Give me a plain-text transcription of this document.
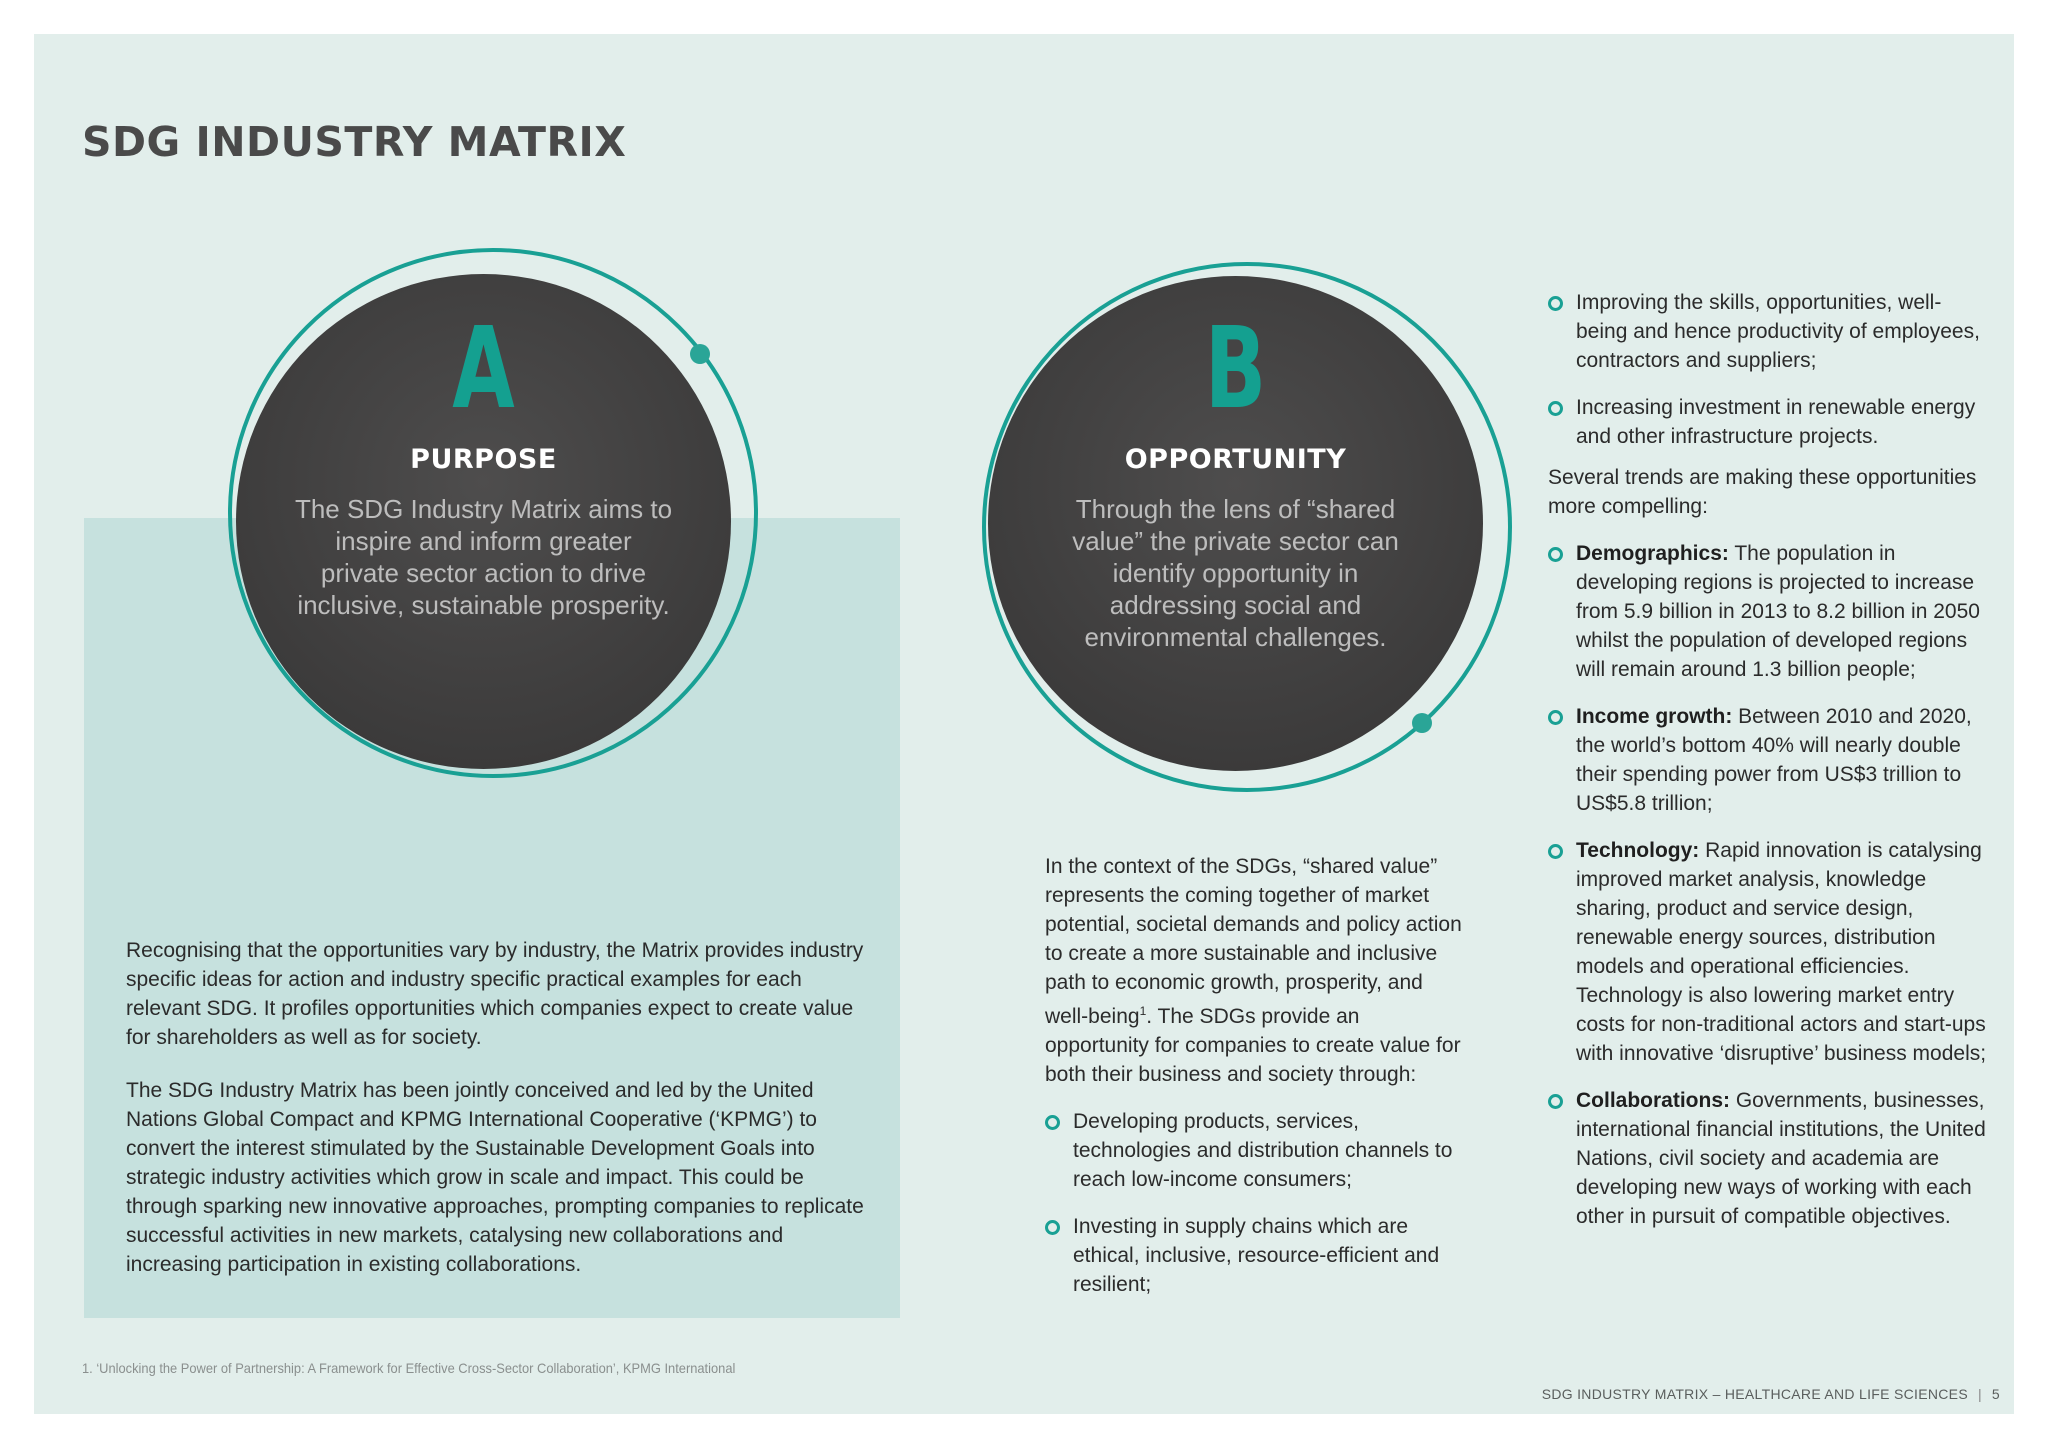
SDG INDUSTRY MATRIX
A
PURPOSE
The SDG Industry Matrix aims to inspire and inform greater private sector action to drive inclusive, sustainable prosperity.
B
OPPORTUNITY
Through the lens of “shared value” the private sector can identify opportunity in addressing social and environmental challenges.

Recognising that the opportunities vary by industry, the Matrix provides industry specific ideas for action and industry specific practical examples for each relevant SDG. It profiles opportunities which companies expect to create value for shareholders as well as for society.

The SDG Industry Matrix has been jointly conceived and led by the United Nations Global Compact and KPMG International Cooperative (‘KPMG’) to convert the interest stimulated by the Sustainable Development Goals into strategic industry activities which grow in scale and impact. This could be through sparking new innovative approaches, prompting companies to replicate successful activities in new markets, catalysing new collaborations and increasing participation in existing collaborations.

In the context of the SDGs, “shared value” represents the coming together of market potential, societal demands and policy action to create a more sustainable and inclusive path to economic growth, prosperity, and well-being$^1$. The SDGs provide an opportunity for companies to create value for both their business and society through:

Developing products, services, technologies and distribution channels to reach low-income consumers;
Investing in supply chains which are ethical, inclusive, resource-efficient and resilient;
Improving the skills, opportunities, well-being and hence productivity of employees, contractors and suppliers;
Increasing investment in renewable energy and other infrastructure projects.

Several trends are making these opportunities more compelling:

Demographics: The population in developing regions is projected to increase from 5.9 billion in 2013 to 8.2 billion in 2050 whilst the population of developed regions will remain around 1.3 billion people;
Income growth: Between 2010 and 2020, the world’s bottom 40% will nearly double their spending power from US$3 trillion to US$5.8 trillion;
Technology: Rapid innovation is catalysing improved market analysis, knowledge sharing, product and service design, renewable energy sources, distribution models and operational efficiencies. Technology is also lowering market entry costs for non-traditional actors and start-ups with innovative ‘disruptive’ business models;
Collaborations: Governments, businesses, international financial institutions, the United Nations, civil society and academia are developing new ways of working with each other in pursuit of compatible objectives.
1. ‘Unlocking the Power of Partnership: A Framework for Effective Cross-Sector Collaboration’, KPMG International
SDG INDUSTRY MATRIX – HEALTHCARE AND LIFE SCIENCES | 5
